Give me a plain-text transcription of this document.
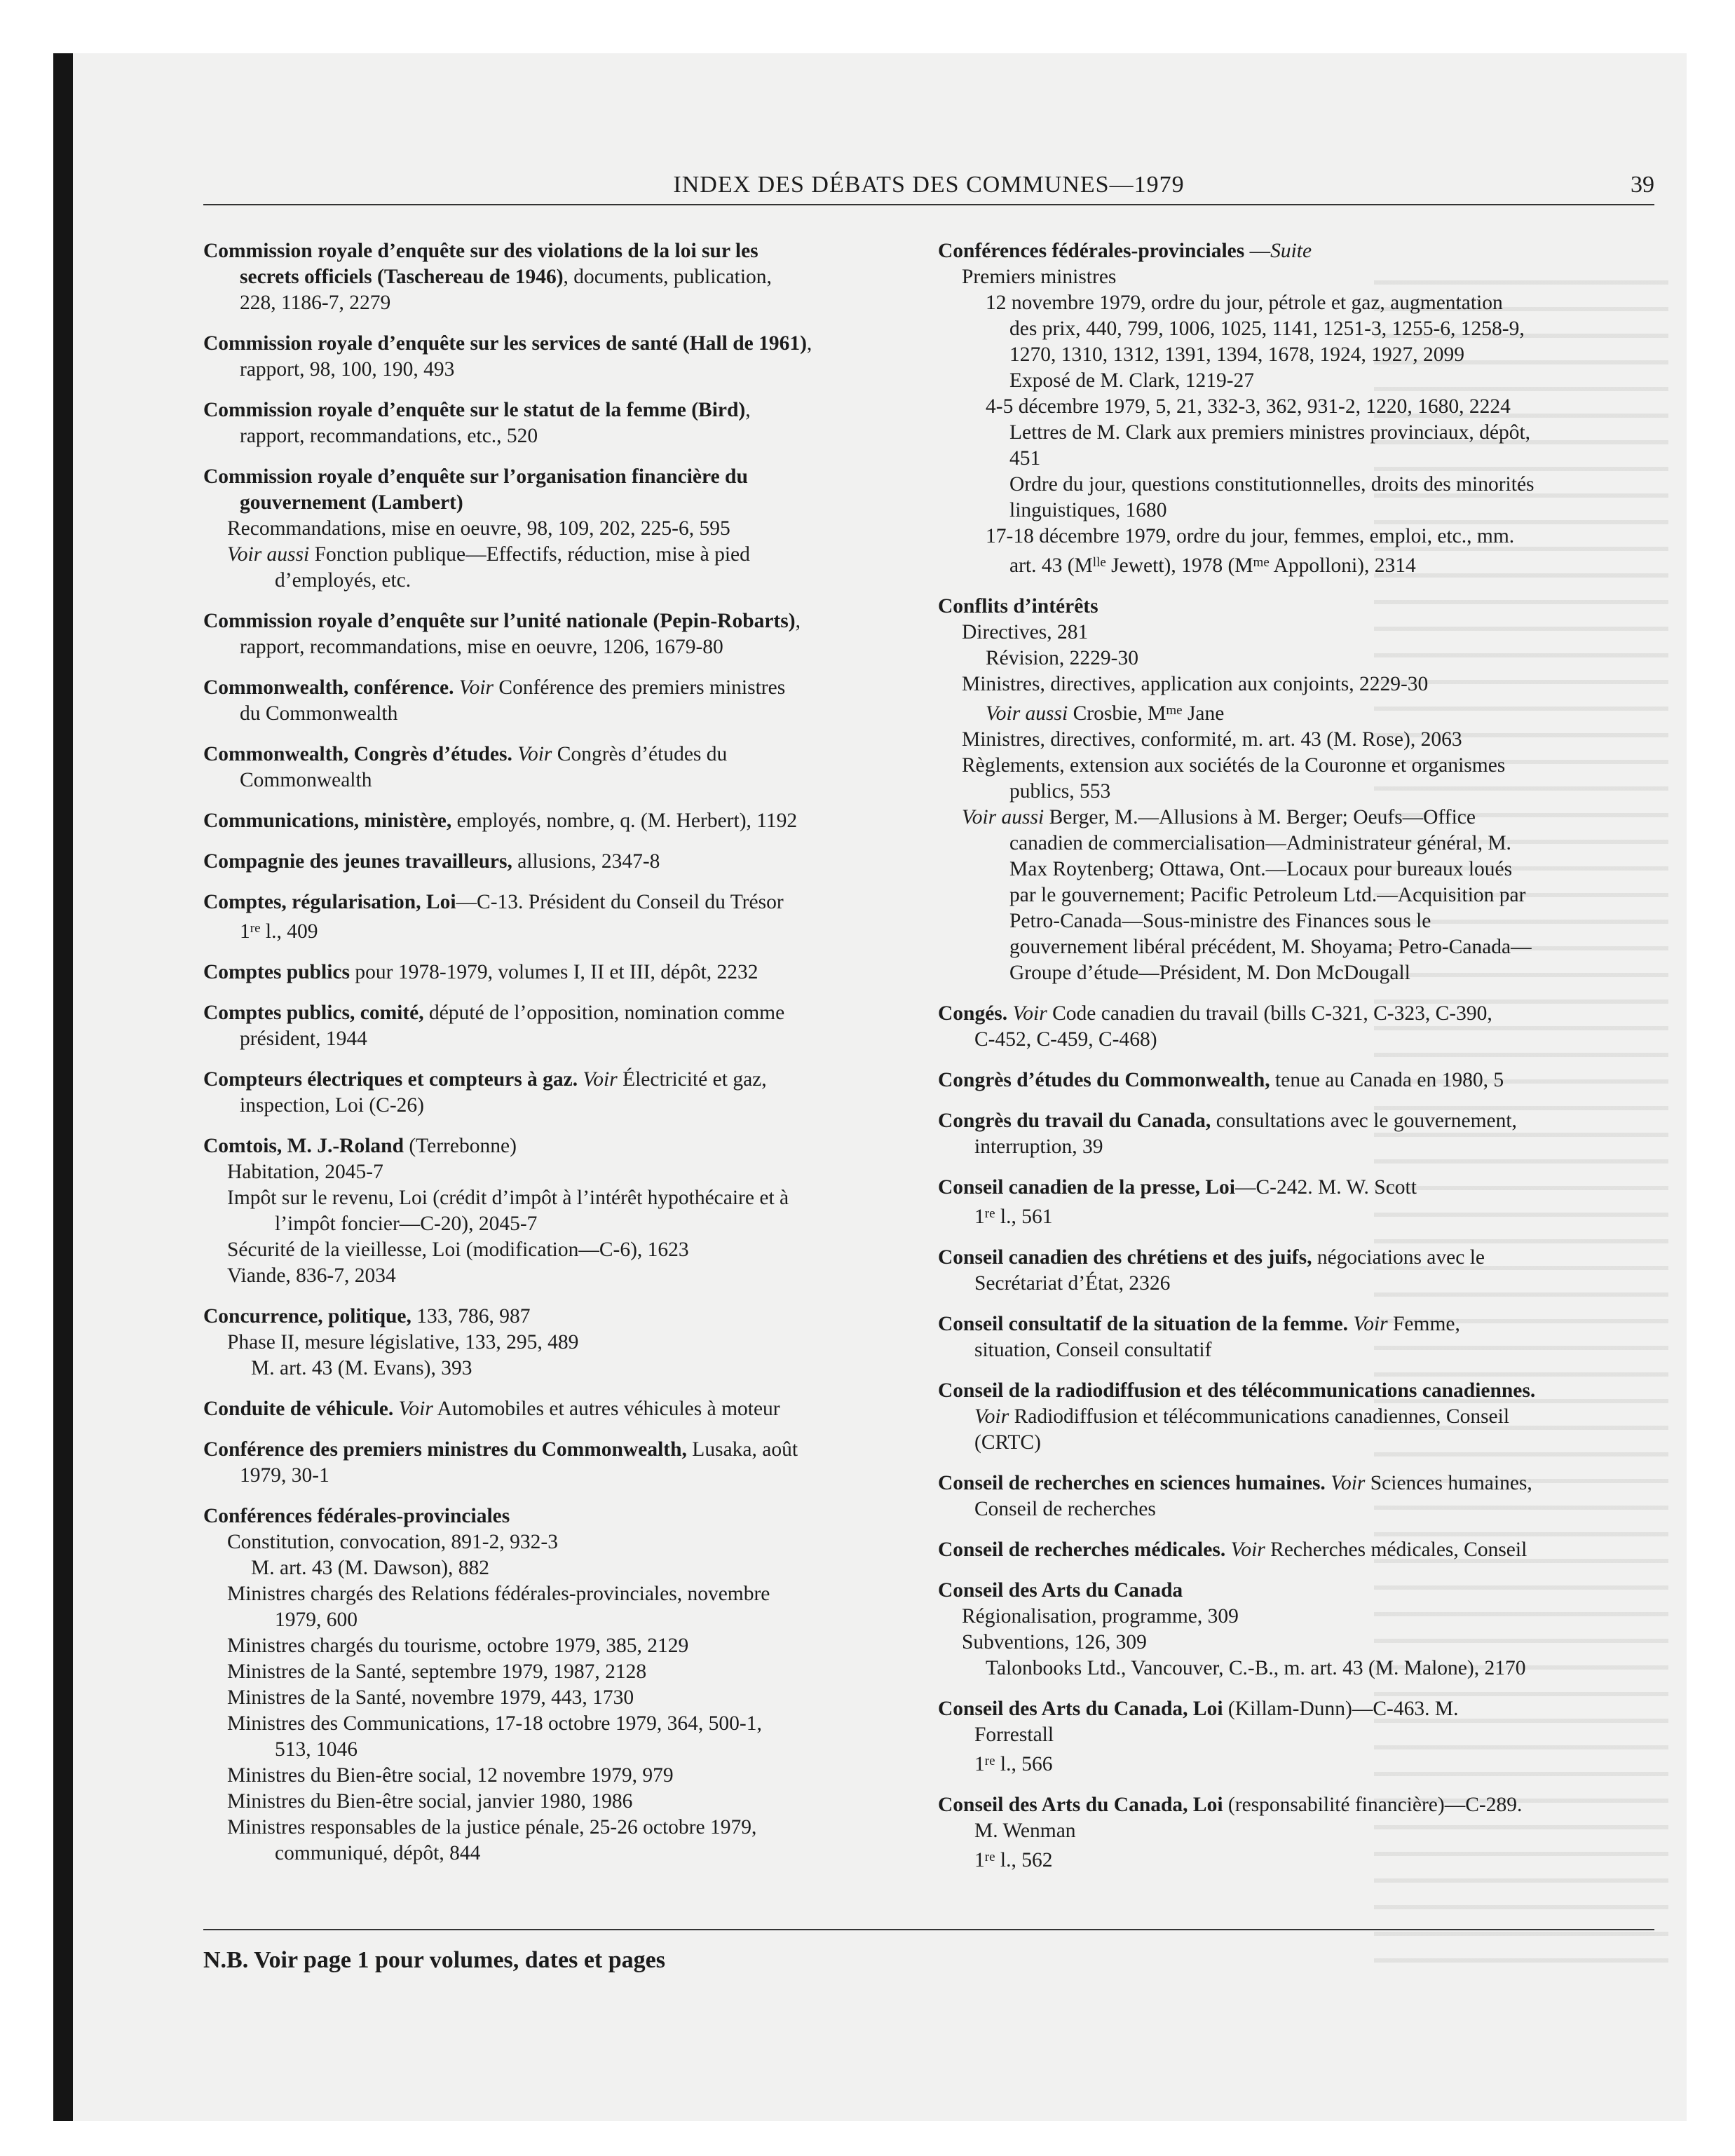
INDEX DES DÉBATS DES COMMUNES—1979	39
Commission royale d’enquête sur des violations de la loi sur les
secrets officiels (Taschereau de 1946), documents, publication,
228, 1186-7, 2279
Commission royale d’enquête sur les services de santé (Hall de 1961),
rapport, 98, 100, 190, 493
Commission royale d’enquête sur le statut de la femme (Bird),
rapport, recommandations, etc., 520
Commission royale d’enquête sur l’organisation financière du
gouvernement (Lambert)
Recommandations, mise en oeuvre, 98, 109, 202, 225-6, 595
Voir aussi Fonction publique—Effectifs, réduction, mise à pied
d’employés, etc.
Commission royale d’enquête sur l’unité nationale (Pepin-Robarts),
rapport, recommandations, mise en oeuvre, 1206, 1679-80
Commonwealth, conférence. Voir Conférence des premiers ministres
du Commonwealth
Commonwealth, Congrès d’études. Voir Congrès d’études du
Commonwealth
Communications, ministère, employés, nombre, q. (M. Herbert), 1192
Compagnie des jeunes travailleurs, allusions, 2347-8
Comptes, régularisation, Loi—C-13. Président du Conseil du Trésor
1re l., 409
Comptes publics pour 1978-1979, volumes I, II et III, dépôt, 2232
Comptes publics, comité, député de l’opposition, nomination comme
président, 1944
Compteurs électriques et compteurs à gaz. Voir Électricité et gaz,
inspection, Loi (C-26)
Comtois, M. J.-Roland (Terrebonne)
Habitation, 2045-7
Impôt sur le revenu, Loi (crédit d’impôt à l’intérêt hypothécaire et à
l’impôt foncier—C-20), 2045-7
Sécurité de la vieillesse, Loi (modification—C-6), 1623
Viande, 836-7, 2034
Concurrence, politique, 133, 786, 987
Phase II, mesure législative, 133, 295, 489
M. art. 43 (M. Evans), 393
Conduite de véhicule. Voir Automobiles et autres véhicules à moteur
Conférence des premiers ministres du Commonwealth, Lusaka, août
1979, 30-1
Conférences fédérales-provinciales
Constitution, convocation, 891-2, 932-3
M. art. 43 (M. Dawson), 882
Ministres chargés des Relations fédérales-provinciales, novembre
1979, 600
Ministres chargés du tourisme, octobre 1979, 385, 2129
Ministres de la Santé, septembre 1979, 1987, 2128
Ministres de la Santé, novembre 1979, 443, 1730
Ministres des Communications, 17-18 octobre 1979, 364, 500-1,
513, 1046
Ministres du Bien-être social, 12 novembre 1979, 979
Ministres du Bien-être social, janvier 1980, 1986
Ministres responsables de la justice pénale, 25-26 octobre 1979,
communiqué, dépôt, 844
Conférences fédérales-provinciales —Suite
Premiers ministres
12 novembre 1979, ordre du jour, pétrole et gaz, augmentation
des prix, 440, 799, 1006, 1025, 1141, 1251-3, 1255-6, 1258-9,
1270, 1310, 1312, 1391, 1394, 1678, 1924, 1927, 2099
Exposé de M. Clark, 1219-27
4-5 décembre 1979, 5, 21, 332-3, 362, 931-2, 1220, 1680, 2224
Lettres de M. Clark aux premiers ministres provinciaux, dépôt,
451
Ordre du jour, questions constitutionnelles, droits des minorités
linguistiques, 1680
17-18 décembre 1979, ordre du jour, femmes, emploi, etc., mm.
art. 43 ($M^{lle}$ Jewett), 1978 ($M^{me}$ Appolloni), 2314
Conflits d’intérêts
Directives, 281
Révision, 2229-30
Ministres, directives, application aux conjoints, 2229-30
Voir aussi Crosbie, $M^{me}$ Jane
Ministres, directives, conformité, m. art. 43 (M. Rose), 2063
Règlements, extension aux sociétés de la Couronne et organismes
publics, 553
Voir aussi Berger, M.—Allusions à M. Berger; Oeufs—Office
canadien de commercialisation—Administrateur général, M.
Max Roytenberg; Ottawa, Ont.—Locaux pour bureaux loués
par le gouvernement; Pacific Petroleum Ltd.—Acquisition par
Petro-Canada—Sous-ministre des Finances sous le
gouvernement libéral précédent, M. Shoyama; Petro-Canada—
Groupe d’étude—Président, M. Don McDougall
Congés. Voir Code canadien du travail (bills C-321, C-323, C-390,
C-452, C-459, C-468)
Congrès d’études du Commonwealth, tenue au Canada en 1980, 5
Congrès du travail du Canada, consultations avec le gouvernement,
interruption, 39
Conseil canadien de la presse, Loi—C-242. M. W. Scott
1re l., 561
Conseil canadien des chrétiens et des juifs, négociations avec le
Secrétariat d’État, 2326
Conseil consultatif de la situation de la femme. Voir Femme,
situation, Conseil consultatif
Conseil de la radiodiffusion et des télécommunications canadiennes.
Voir Radiodiffusion et télécommunications canadiennes, Conseil
(CRTC)
Conseil de recherches en sciences humaines. Voir Sciences humaines,
Conseil de recherches
Conseil de recherches médicales. Voir Recherches médicales, Conseil
Conseil des Arts du Canada
Régionalisation, programme, 309
Subventions, 126, 309
Talonbooks Ltd., Vancouver, C.-B., m. art. 43 (M. Malone), 2170
Conseil des Arts du Canada, Loi (Killam-Dunn)—C-463. M.
Forrestall
1re l., 566
Conseil des Arts du Canada, Loi (responsabilité financière)—C-289.
M. Wenman
1re l., 562
N.B. Voir page 1 pour volumes, dates et pages
